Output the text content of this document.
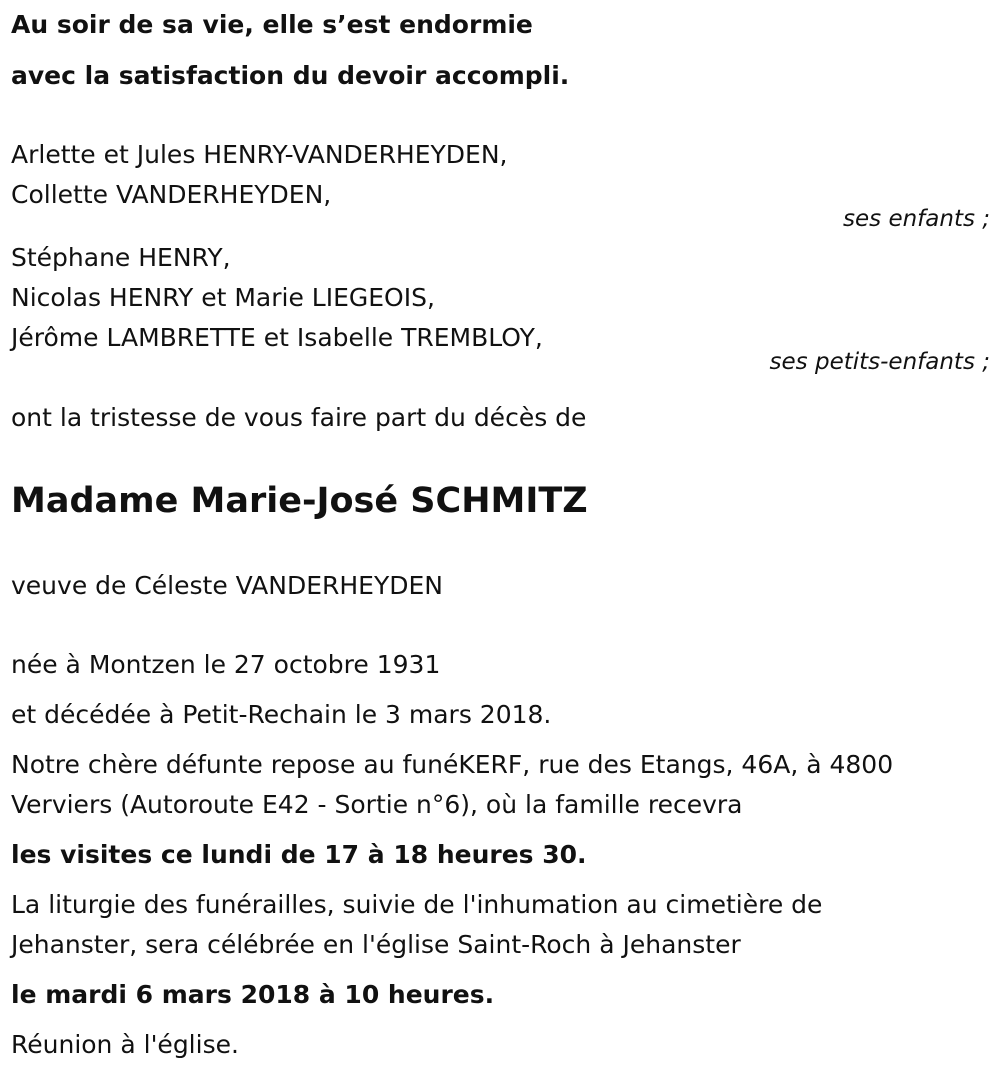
Au soir de sa vie, elle s’est endormie
avec la satisfaction du devoir accompli.
Arlette et Jules HENRY-VANDERHEYDEN,
Collette VANDERHEYDEN,
ses enfants ;
Stéphane HENRY,
Nicolas HENRY et Marie LIEGEOIS,
Jérôme LAMBRETTE et Isabelle TREMBLOY,
ses petits-enfants ;
ont la tristesse de vous faire part du décès de
Madame Marie-José SCHMITZ
veuve de Céleste VANDERHEYDEN
née à Montzen le 27 octobre 1931
et décédée à Petit-Rechain le 3 mars 2018.
Notre chère défunte repose au funéKERF, rue des Etangs, 46A, à 4800
Verviers (Autoroute E42 - Sortie n°6), où la famille recevra
les visites ce lundi de 17 à 18 heures 30.
La liturgie des funérailles, suivie de l'inhumation au cimetière de
Jehanster, sera célébrée en l'église Saint-Roch à Jehanster
le mardi 6 mars 2018 à 10 heures.
Réunion à l'église.
